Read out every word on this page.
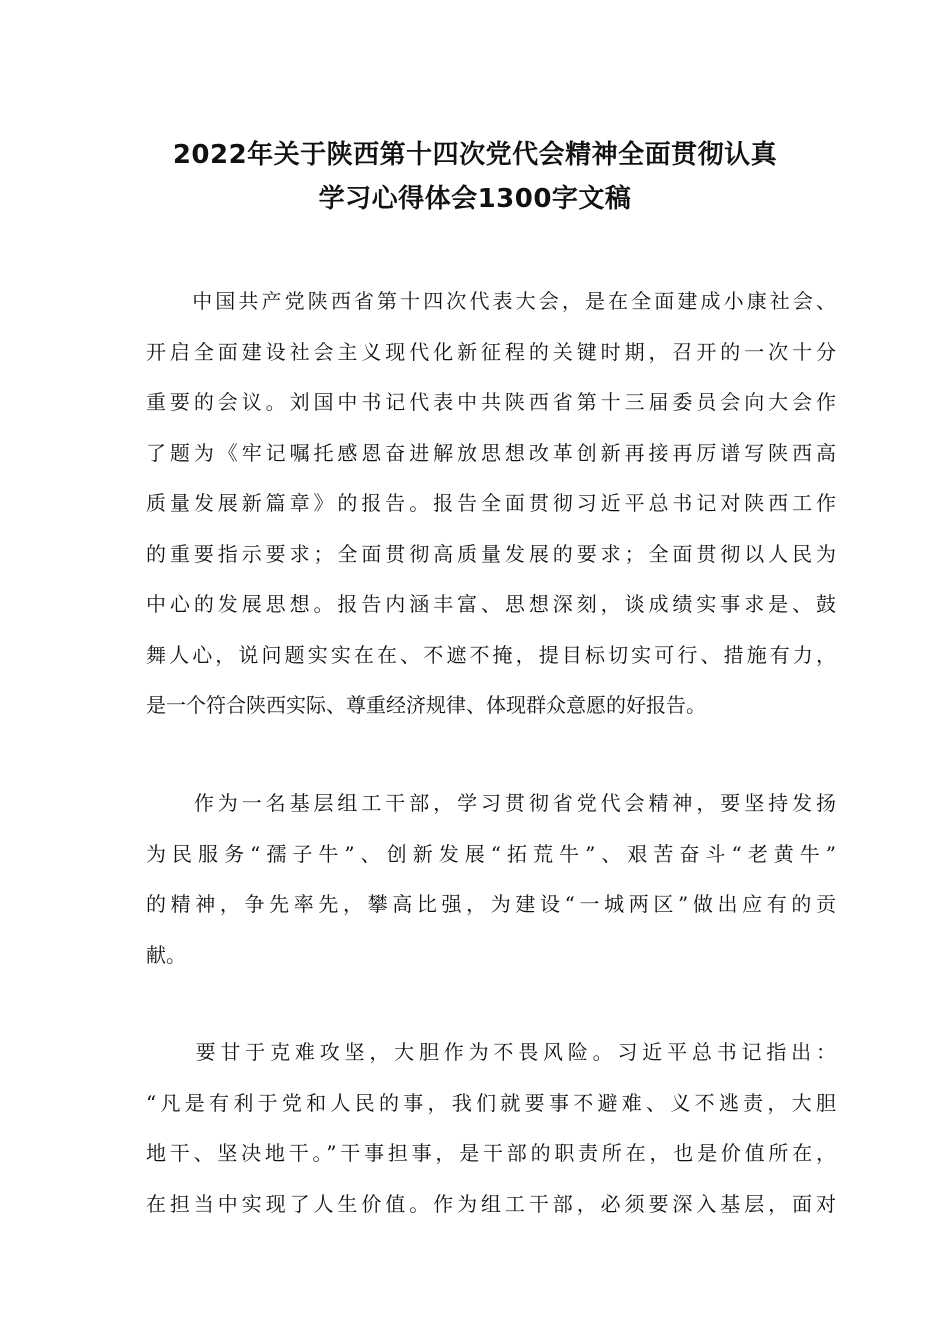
2022年关于陕西第十四次党代会精神全面贯彻认真
学习心得体会1300字文稿
　　中国共产党陕西省第十四次代表大会，是在全面建成小康社会、
开启全面建设社会主义现代化新征程的关键时期，召开的一次十分
重要的会议。刘国中书记代表中共陕西省第十三届委员会向大会作
了题为《牢记嘱托感恩奋进解放思想改革创新再接再厉谱写陕西高
质量发展新篇章》的报告。报告全面贯彻习近平总书记对陕西工作
的重要指示要求；全面贯彻高质量发展的要求；全面贯彻以人民为
中心的发展思想。报告内涵丰富、思想深刻，谈成绩实事求是、鼓
舞人心，说问题实实在在、不遮不掩，提目标切实可行、措施有力，
是一个符合陕西实际、尊重经济规律、体现群众意愿的好报告。
　　作为一名基层组工干部，学习贯彻省党代会精神，要坚持发扬
为民服务“孺子牛”、创新发展“拓荒牛”、艰苦奋斗“老黄牛”
的精神，争先率先，攀高比强，为建设“一城两区”做出应有的贡
献。
　　要甘于克难攻坚，大胆作为不畏风险。习近平总书记指出：
“凡是有利于党和人民的事，我们就要事不避难、义不逃责，大胆
地干、坚决地干。”干事担事，是干部的职责所在，也是价值所在，
在担当中实现了人生价值。作为组工干部，必须要深入基层，面对
